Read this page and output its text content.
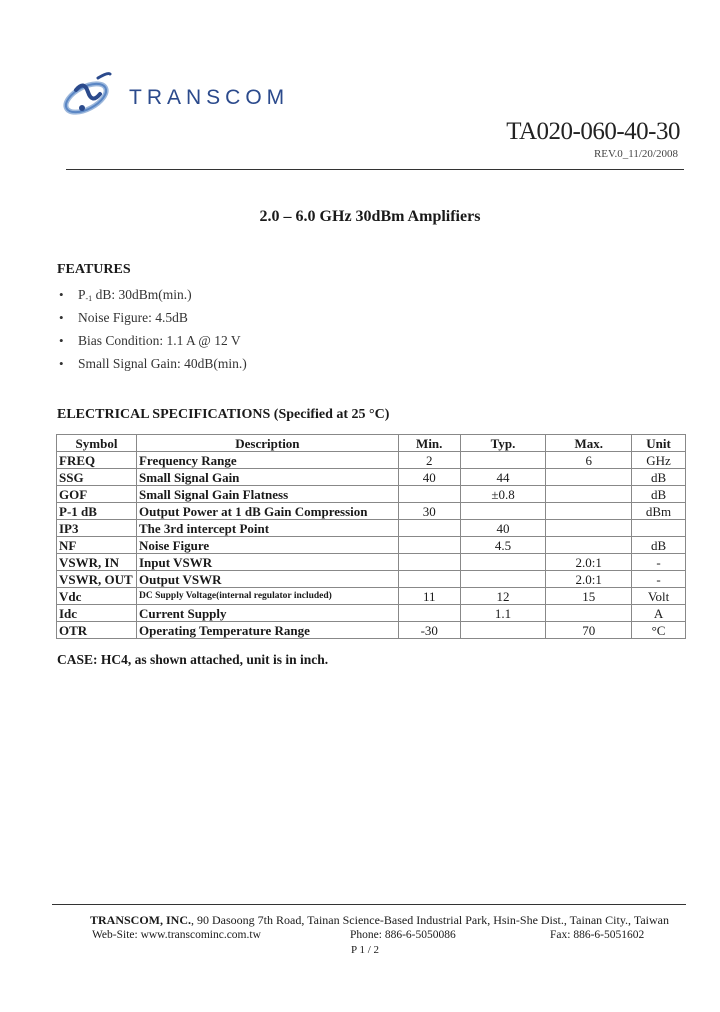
TRANSCOM
TA020-060-40-30
REV.0_11/20/2008
2.0 – 6.0 GHz 30dBm Amplifiers
FEATURES
• $P_{-1}$ dB: 30dBm(min.)
• Noise Figure: 4.5dB
• Bias Condition: 1.1 A @ 12 V
• Small Signal Gain: 40dB(min.)
ELECTRICAL SPECIFICATIONS (Specified at 25 °C)
Symbol	Description	Min.	Typ.	Max.	Unit
FREQ	Frequency Range	2		6	GHz
SSG	Small Signal Gain	40	44		dB
GOF	Small Signal Gain Flatness		±0.8		dB
P-1 dB	Output Power at 1 dB Gain Compression	30			dBm
IP3	The 3rd intercept Point		40		
NF	Noise Figure		4.5		dB
VSWR, IN	Input VSWR			2.0:1	-
VSWR, OUT	Output VSWR			2.0:1	-
Vdc	DC Supply Voltage(internal regulator included)	11	12	15	Volt
Idc	Current Supply		1.1		A
OTR	Operating Temperature Range	-30		70	°C
CASE: HC4, as shown attached, unit is in inch.
TRANSCOM, INC., 90 Dasoong 7th Road, Tainan Science-Based Industrial Park, Hsin-She Dist., Tainan City., Taiwan
Web-Site: www.transcominc.com.tw	Phone: 886-6-5050086	Fax: 886-6-5051602
P 1 / 2
